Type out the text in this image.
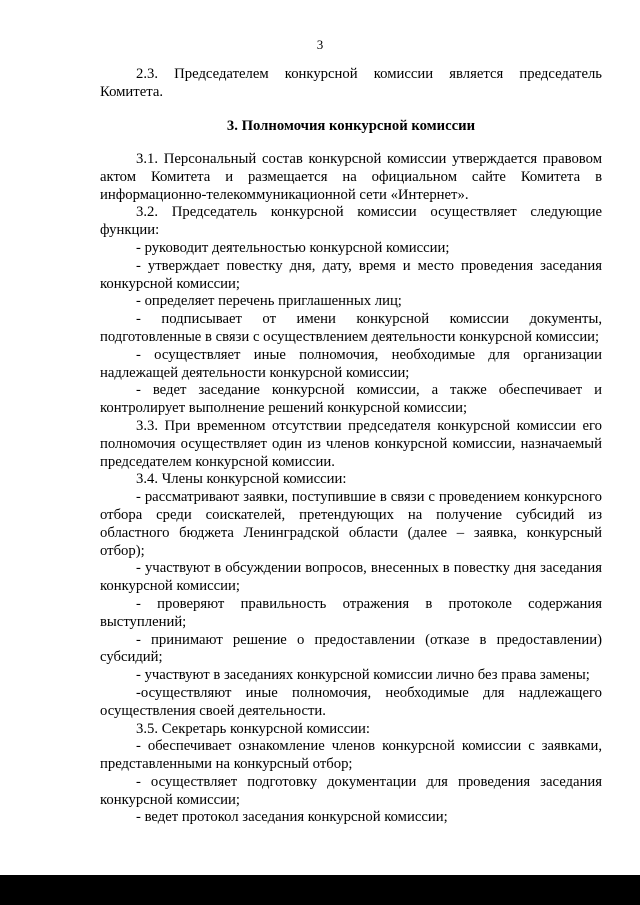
3

2.3. Председателем конкурсной комиссии является председатель Комитета.

3. Полномочия конкурсной комиссии

3.1. Персональный состав конкурсной комиссии утверждается правовом актом Комитета и размещается на официальном сайте Комитета в информационно-телекоммуникационной сети «Интернет».

3.2. Председатель конкурсной комиссии осуществляет следующие функции:

- руководит деятельностью конкурсной комиссии;

- утверждает повестку дня, дату, время и место проведения заседания конкурсной комиссии;

- определяет перечень приглашенных лиц;

- подписывает от имени конкурсной комиссии документы, подготовленные в связи с осуществлением деятельности конкурсной комиссии;

- осуществляет иные полномочия, необходимые для организации надлежащей деятельности конкурсной комиссии;

- ведет заседание конкурсной комиссии, а также обеспечивает и контролирует выполнение решений конкурсной комиссии;

3.3. При временном отсутствии председателя конкурсной комиссии его полномочия осуществляет один из членов конкурсной комиссии, назначаемый председателем конкурсной комиссии.

3.4. Члены конкурсной комиссии:

- рассматривают заявки, поступившие в связи с проведением конкурсного отбора среди соискателей, претендующих на получение субсидий из областного бюджета Ленинградской области (далее – заявка, конкурсный отбор);

- участвуют в обсуждении вопросов, внесенных в повестку дня заседания конкурсной комиссии;

- проверяют правильность отражения в протоколе содержания выступлений;

- принимают решение о предоставлении (отказе в предоставлении) субсидий;

- участвуют в заседаниях конкурсной комиссии лично без права замены;

-осуществляют иные полномочия, необходимые для надлежащего осуществления своей деятельности.

3.5. Секретарь конкурсной комиссии:

- обеспечивает ознакомление членов конкурсной комиссии с заявками, представленными на конкурсный отбор;

- осуществляет подготовку документации для проведения заседания конкурсной комиссии;

- ведет протокол заседания конкурсной комиссии;
